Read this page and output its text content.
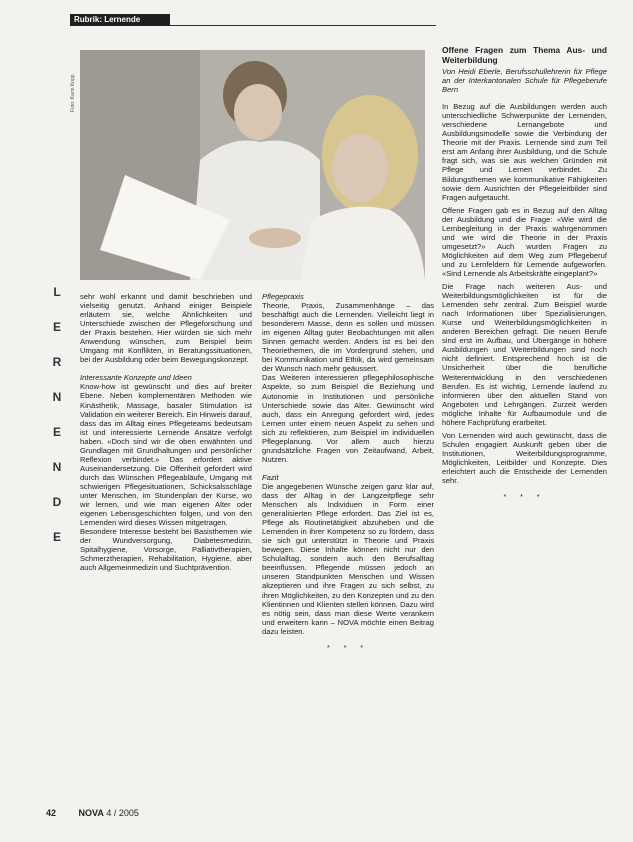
Rubrik: Lernende
Foto: Karin Kopp
L
E
R
N
E
N
D
E

sehr wohl erkannt und damit beschrieben und vielseitig genutzt. Anhand einiger Beispiele erläutern sie, welche Ähnlichkeiten und Unterschiede zwischen der Pflegeforschung und der Praxis bestehen. Hier würden sie sich mehr Anwendung wünschen, zum Beispiel beim Umgang mit Konflikten, in Beratungssituationen, bei der Ausbildung oder beim Bewegungskonzept.

Interessante Konzepte und Ideen

Know-how ist gewünscht und dies auf breiter Ebene. Neben komplementären Methoden wie Kinästhetik, Massage, basaler Stimulation ist Validation ein weiterer Bereich. Ein Hinweis darauf, dass das im Alltag eines Pflegeteams bedeutsam ist und interessierte Lernende Ansätze verfolgt haben. «Doch sind wir die oben erwähnten und Grundlagen mit Grundhaltungen und persönlicher Reflexion verbindet.» Das erfordert aktive Auseinandersetzung. Die Offenheit gefordert wird durch das Wünschen Pflegeabläufe, Umgang mit schwierigen Pflegesituationen, Schicksalsschläge unter Menschen, im Stundenplan der Kurse, wo wir lernen, und wie man eigenen Alter oder eigenen Lebensgeschichten folgen, und von den Lernenden wird dieses Wissen mitgetragen.

Besondere Interesse besteht bei Basisthemen wie der Wundversorgung, Diabetesmedizin, Spitalhygiene, Vorsorge, Palliativtherapien, Schmerztherapien, Rehabilitation, Hygiene, aber auch Allgemeinmedizin und Suchtprävention.

Pflegepraxis

Theorie, Praxis, Zusammenhänge – das beschäftigt auch die Lernenden. Vielleicht liegt in besonderem Masse, denn es sollen und müssen im eigenen Alltag guter Beobachtungen mit allen Sinnen gemacht werden. Anders ist es bei den Theoriethemen, die im Vordergrund stehen, und bei Kommunikation und Ethik, da wird gemeinsam der Wunsch nach mehr geäussert.

Das Weiteren interessieren pflegephilosophische Aspekte, so zum Beispiel die Beziehung und Autonomie in Institutionen und persönliche Unterschiede sowie das Alter. Gewünscht wird auch, dass ein Anregung gefordert wird, jedes Lernen unter einem neuen Aspekt zu sehen und sich zu reflektieren, zum Beispiel im individuellen Pflegeplanung. Vor allem auch hierzu grundsätzliche Fragen von Zeitaufwand, Arbeit, Nutzen.

Fazit

Die angegebenen Wünsche zeigen ganz klar auf, dass der Alltag in der Langzeitpflege sehr Menschen als Individuen in Form einer generalisierten Pflege erfordert. Das Ziel ist es, Pflege als Routinetätigkeit abzuheben und die Lernenden in ihrer Kompetenz so zu fördern, dass sie sich gut unterstützt in Theorie und Praxis bewegen. Diese Inhalte können nicht nur den Schulalltag, sondern auch den Berufsalltag beeinflussen. Pflegende müssen jedoch an unseren Standpunkten Menschen und Wissen akzeptieren und ihre Fragen zu sich selbst, zu ihren Möglichkeiten, zu den Konzepten und zu den Klientinnen und Klienten stellen können. Dazu wird es nötig sein, dass man diese Werte verankern und erweitern kann – NOVA möchte einen Beitrag dazu leisten.

* * *
Offene Fragen zum Thema Aus- und Weiterbildung
Von Heidi Eberle, Berufsschullehrerin für Pflege an der Interkantonalen Schule für Pflegeberufe Bern

In Bezug auf die Ausbildungen werden auch unterschiedliche Schwerpunkte der Lernenden, verschiedene Lernangebote und Ausbildungsmodelle sowie die Verbindung der Theorie mit der Praxis. Lernende sind zum Teil erst am Anfang ihrer Ausbildung, und die Schule fragt sich, was sie aus welchen Gründen mit Pflege und Lernen verbindet. Zu Bildungsthemen wie kommunikative Fähigkeiten sowie dem Ausrichten der Pflegeleitbilder sind Fragen aufgetaucht.

Offene Fragen gab es in Bezug auf den Alltag der Ausbildung und die Frage: «Wie wird die Lernbegleitung in der Praxis wahrgenommen und wie wird die Theorie in der Praxis umgesetzt?» Auch wurden Fragen zu Möglichkeiten auf dem Weg zum Pflegeberuf und zu Lernfeldern für Lernende aufgeworfen. «Sind Lernende als Arbeitskräfte eingeplant?»

Die Frage nach weiteren Aus- und Weiterbildungsmöglichkeiten ist für die Lernenden sehr zentral. Zum Beispiel wurde nach Informationen über Spezialisierungen, Kurse und Weiterbildungsmöglichkeiten in anderen Bereichen gefragt. Die neuen Berufe sind erst im Aufbau, und Übergänge in höhere Ausbildungen und Weiterbildungen sind noch nicht definiert. Entsprechend hoch ist die Unsicherheit über die berufliche Weiterentwicklung in den verschiedenen Berufen. Es ist wichtig, Lernende laufend zu informieren über den aktuellen Stand von Angeboten und Lehrgängen. Zurzeit werden mögliche Inhalte für Aufbaumodule und die höhere Fachprüfung erarbeitet.

Von Lernenden wird auch gewünscht, dass die Schulen engagiert Auskunft geben über die Institutionen, Weiterbildungsprogramme, Möglichkeiten, Leitbilder und Konzepte. Dies erleichtert auch die Entscheide der Lernenden sehr.

* * *
42	NOVA 4 / 2005
